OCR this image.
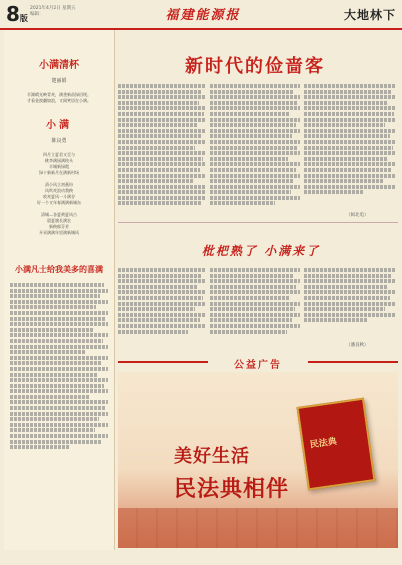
8版
2021年4月2日 星期五
编辑：	福建能源报	大地林下
小满清杯
楚丽娟
半湖晴光映青麦，满垄新苗绿田埂。
才看金波翻如浪，又闻笑语在小满。
小满
陈良勇
四月立夏君又至与
桃李满园满枝头
半城新绿霞
绿十新新月在满新村场

清小风立初燕纷
风吹麦浪动我秧
收麦夏风一斗满谷
好一个又年春满满新城东

清城—各夏黄夏风古
晨夏旗长满农
新秧郁芬芳
开采满满年里满新城风
小满凡士给我美多的喜满
新时代的俭啬客
（闽北电）
枇杷熟了 小满来了
（潘良秋）
公益广告
民法典
美好生活
民法典相伴
